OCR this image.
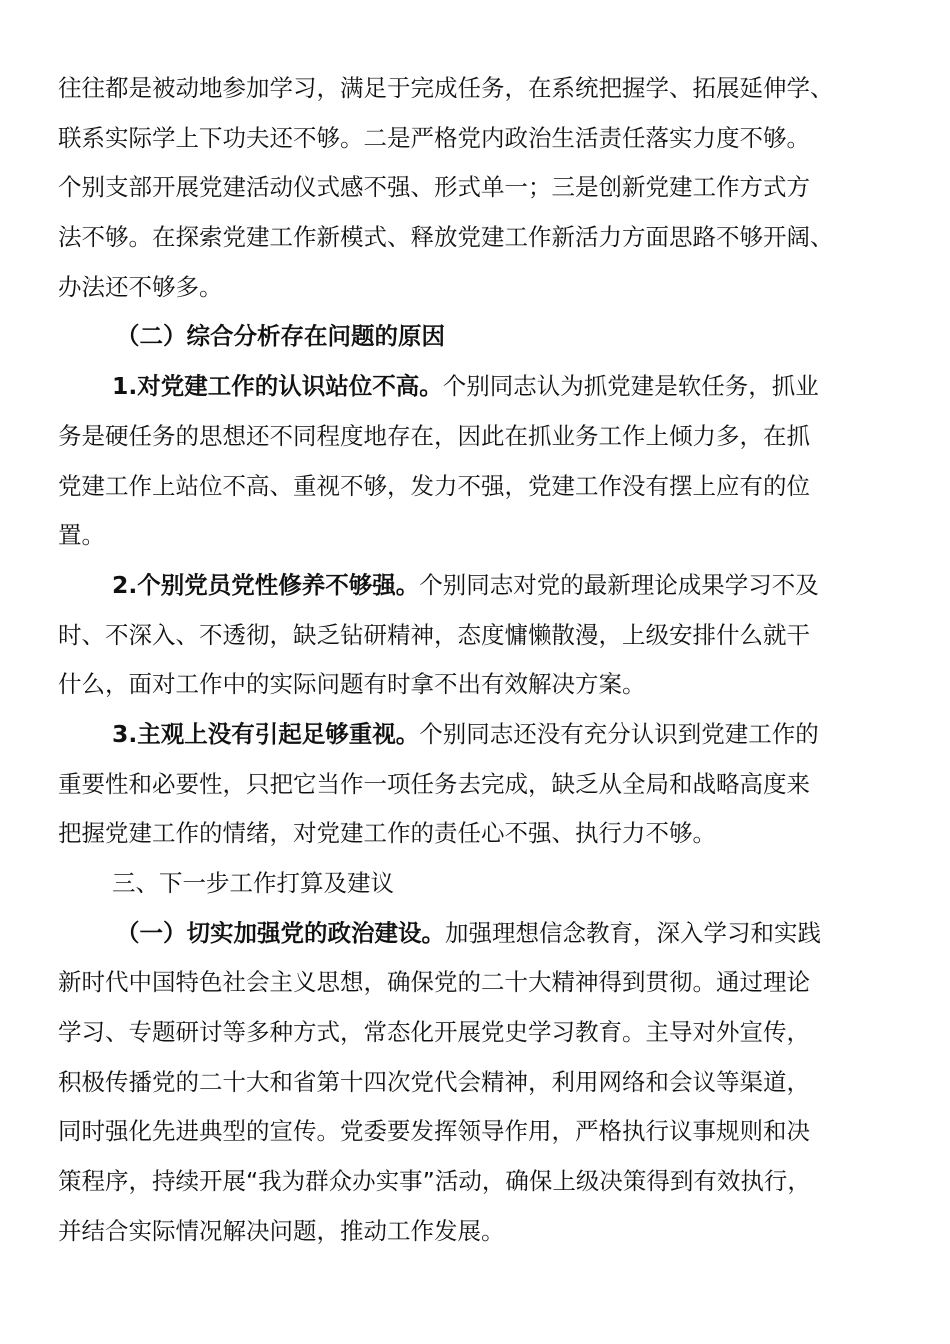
往往都是被动地参加学习，满足于完成任务，在系统把握学、拓展延伸学、
联系实际学上下功夫还不够。二是严格党内政治生活责任落实力度不够。
个别支部开展党建活动仪式感不强、形式单一；三是创新党建工作方式方
法不够。在探索党建工作新模式、释放党建工作新活力方面思路不够开阔、
办法还不够多。
（二）综合分析存在问题的原因
1.对党建工作的认识站位不高。个别同志认为抓党建是软任务，抓业
务是硬任务的思想还不同程度地存在，因此在抓业务工作上倾力多，在抓
党建工作上站位不高、重视不够，发力不强，党建工作没有摆上应有的位
置。
2.个别党员党性修养不够强。个别同志对党的最新理论成果学习不及
时、不深入、不透彻，缺乏钻研精神，态度慵懒散漫，上级安排什么就干
什么，面对工作中的实际问题有时拿不出有效解决方案。
3.主观上没有引起足够重视。个别同志还没有充分认识到党建工作的
重要性和必要性，只把它当作一项任务去完成，缺乏从全局和战略高度来
把握党建工作的情绪，对党建工作的责任心不强、执行力不够。
三、下一步工作打算及建议
（一）切实加强党的政治建设。加强理想信念教育，深入学习和实践
新时代中国特色社会主义思想，确保党的二十大精神得到贯彻。通过理论
学习、专题研讨等多种方式，常态化开展党史学习教育。主导对外宣传，
积极传播党的二十大和省第十四次党代会精神，利用网络和会议等渠道，
同时强化先进典型的宣传。党委要发挥领导作用，严格执行议事规则和决
策程序，持续开展“我为群众办实事”活动，确保上级决策得到有效执行，
并结合实际情况解决问题，推动工作发展。
